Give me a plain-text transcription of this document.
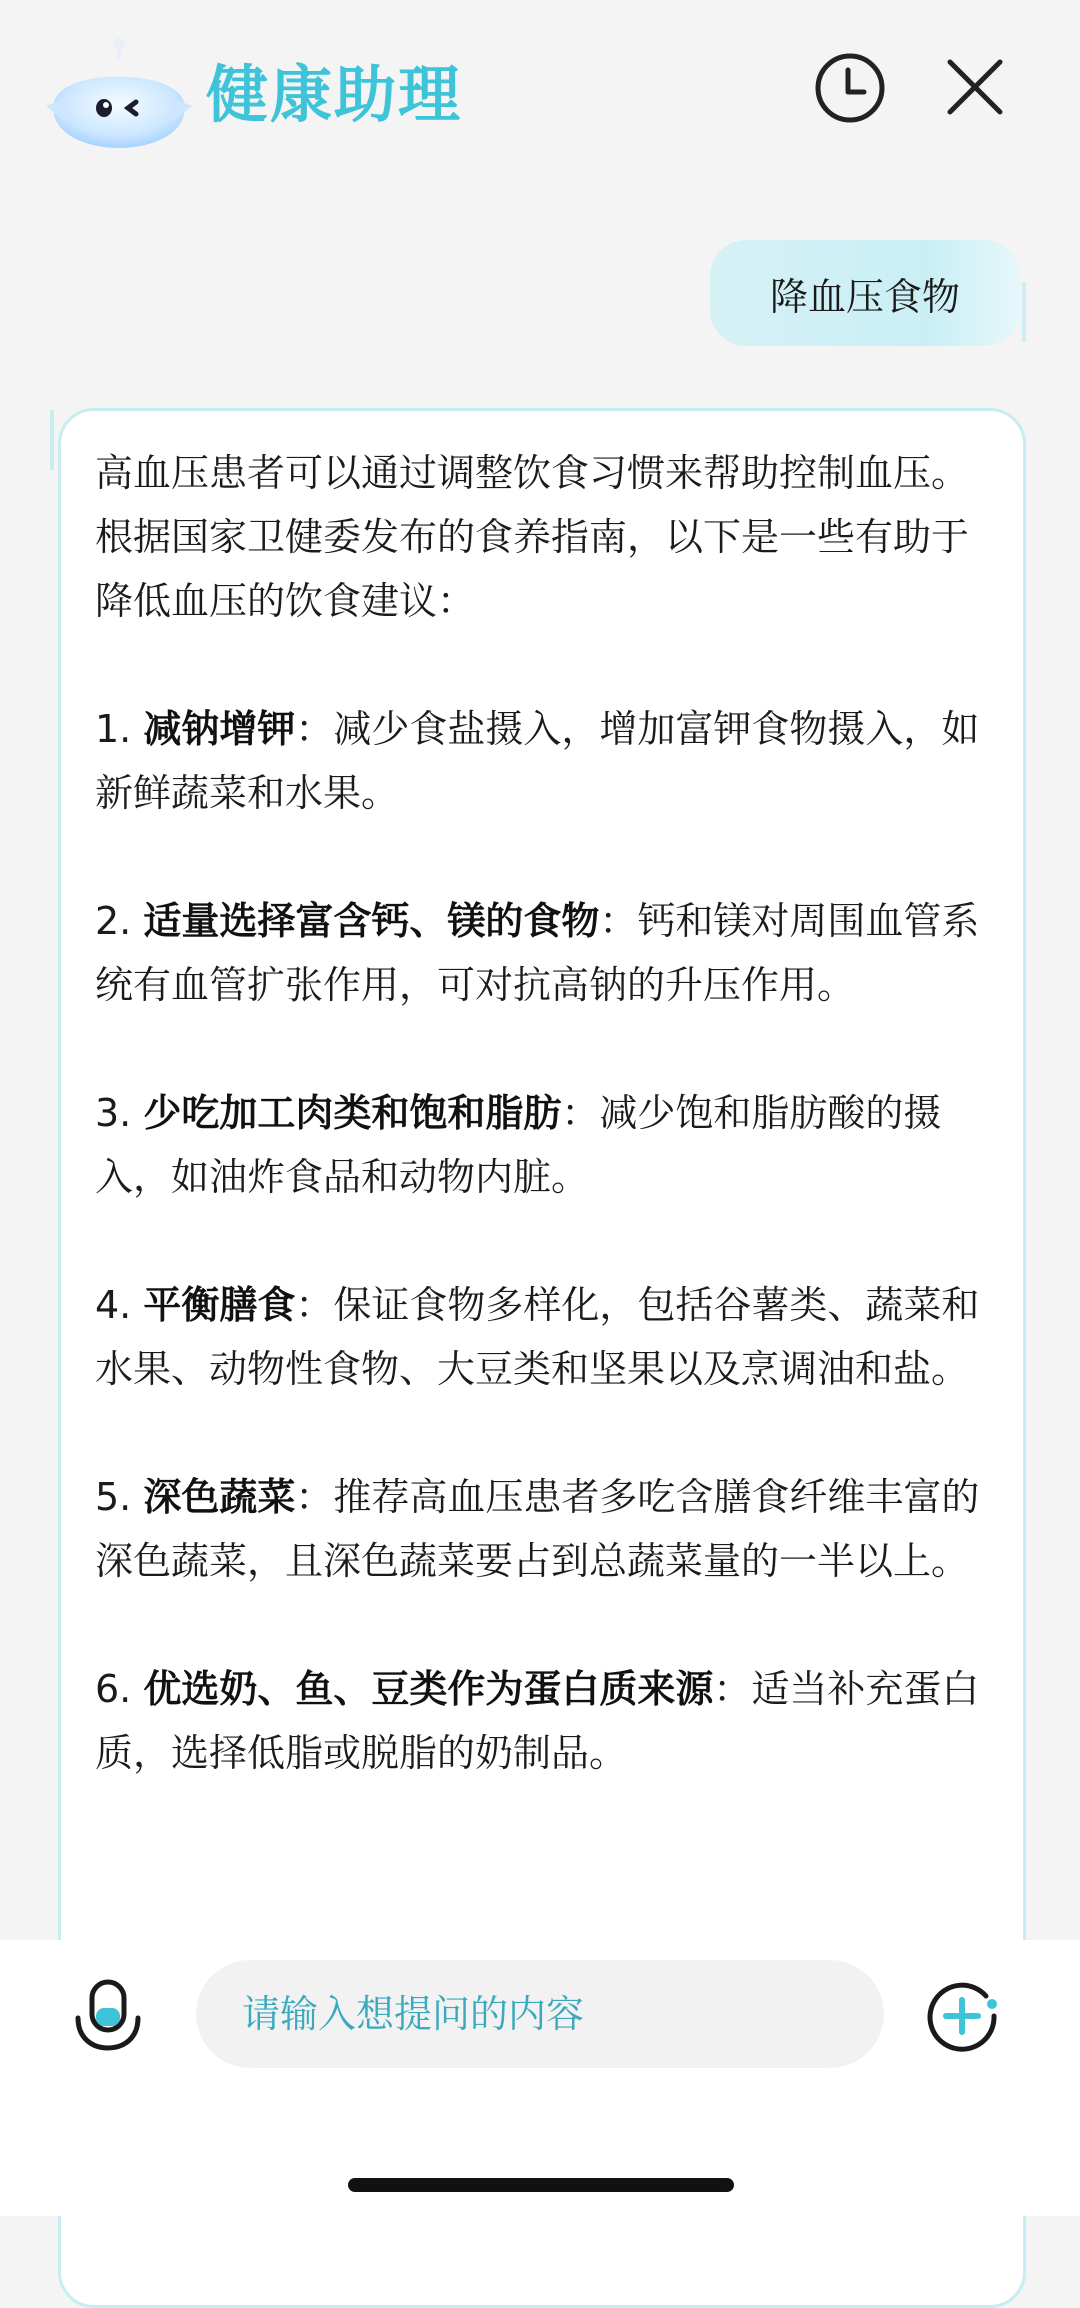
健康助理
降血压食物

高血压患者可以通过调整饮食习惯来帮助控制血压。根据国家卫健委发布的食养指南，以下是一些有助于降低血压的饮食建议：

1. 减钠增钾：减少食盐摄入，增加富钾食物摄入，如新鲜蔬菜和水果。

2. 适量选择富含钙、镁的食物：钙和镁对周围血管系统有血管扩张作用，可对抗高钠的升压作用。

3. 少吃加工肉类和饱和脂肪：减少饱和脂肪酸的摄入，如油炸食品和动物内脏。

4. 平衡膳食：保证食物多样化，包括谷薯类、蔬菜和水果、动物性食物、大豆类和坚果以及烹调油和盐。

5. 深色蔬菜：推荐高血压患者多吃含膳食纤维丰富的深色蔬菜，且深色蔬菜要占到总蔬菜量的一半以上。

6. 优选奶、鱼、豆类作为蛋白质来源：适当补充蛋白质，选择低脂或脱脂的奶制品。

请输入想提问的内容
